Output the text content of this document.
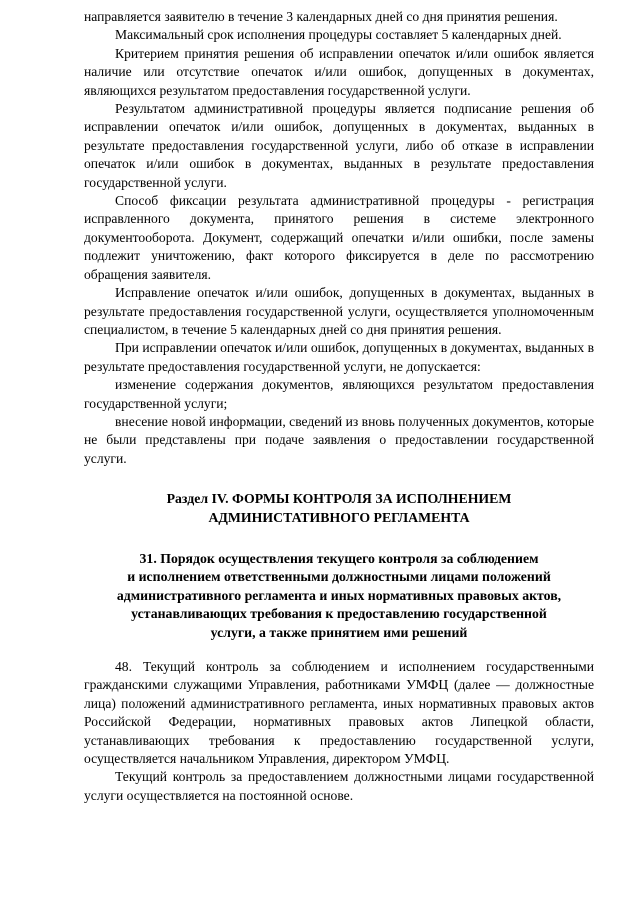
направляется заявителю в течение 3 календарных дней со дня принятия решения.

Максимальный срок исполнения процедуры составляет 5 календарных дней.

Критерием принятия решения об исправлении опечаток и/или ошибок является наличие или отсутствие опечаток и/или ошибок, допущенных в документах, являющихся результатом предоставления государственной услуги.

Результатом административной процедуры является подписание решения об исправлении опечаток и/или ошибок, допущенных в документах, выданных в результате предоставления государственной услуги, либо об отказе в исправлении опечаток и/или ошибок в документах, выданных в результате предоставления государственной услуги.

Способ фиксации результата административной процедуры - регистрация исправленного документа, принятого решения в системе электронного документооборота. Документ, содержащий опечатки и/или ошибки, после замены подлежит уничтожению, факт которого фиксируется в деле по рассмотрению обращения заявителя.

Исправление опечаток и/или ошибок, допущенных в документах, выданных в результате предоставления государственной услуги, осуществляется уполномоченным специалистом, в течение 5 календарных дней со дня принятия решения.

При исправлении опечаток и/или ошибок, допущенных в документах, выданных в результате предоставления государственной услуги, не допускается:

изменение содержания документов, являющихся результатом предоставления государственной услуги;

внесение новой информации, сведений из вновь полученных документов, которые не были представлены при подаче заявления о предоставлении государственной услуги.

Раздел IV. ФОРМЫ КОНТРОЛЯ ЗА ИСПОЛНЕНИЕМ
АДМИНИСТАТИВНОГО РЕГЛАМЕНТА
31. Порядок осуществления текущего контроля за соблюдением
и исполнением ответственными должностными лицами положений
административного регламента и иных нормативных правовых актов,
устанавливающих требования к предоставлению государственной
услуги, а также принятием ими решений

48. Текущий контроль за соблюдением и исполнением государственными гражданскими служащими Управления, работниками УМФЦ (далее — должностные лица) положений административного регламента, иных нормативных правовых актов Российской Федерации, нормативных правовых актов Липецкой области, устанавливающих требования к предоставлению государственной услуги, осуществляется начальником Управления, директором УМФЦ.

Текущий контроль за предоставлением должностными лицами государственной услуги осуществляется на постоянной основе.
